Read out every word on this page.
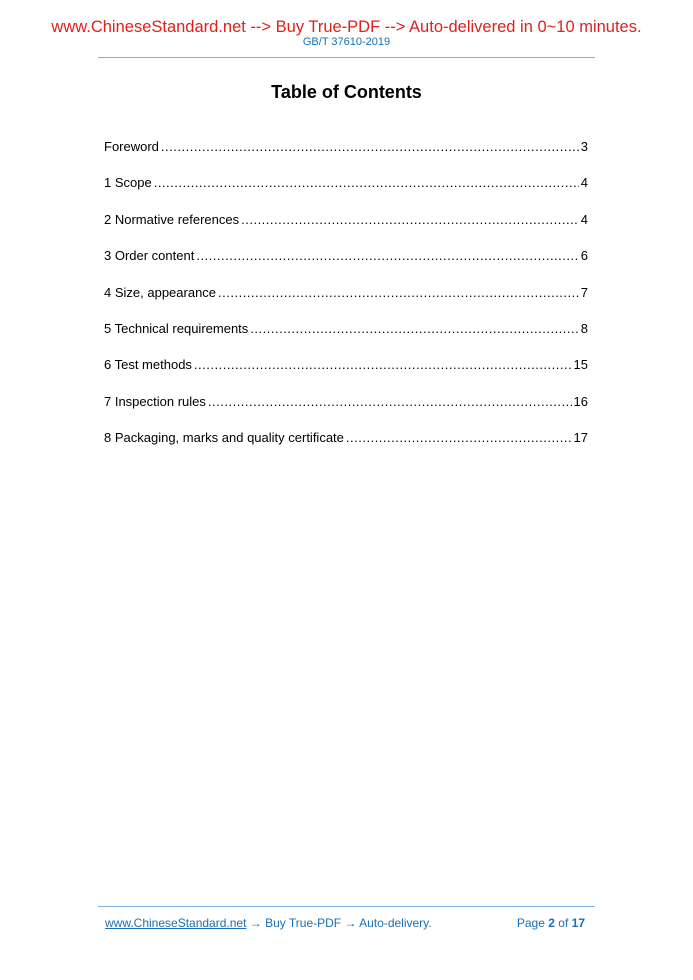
www.ChineseStandard.net --> Buy True-PDF --> Auto-delivered in 0~10 minutes.
GB/T 37610-2019
Table of Contents
Foreword .....	3
1 Scope .....	4
2 Normative references .....	4
3 Order content .....	6
4 Size, appearance .....	7
5 Technical requirements .....	8
6 Test methods .....	15
7 Inspection rules .....	16
8 Packaging, marks and quality certificate .....	17
www.ChineseStandard.net → Buy True-PDF → Auto-delivery.	Page 2 of 17
